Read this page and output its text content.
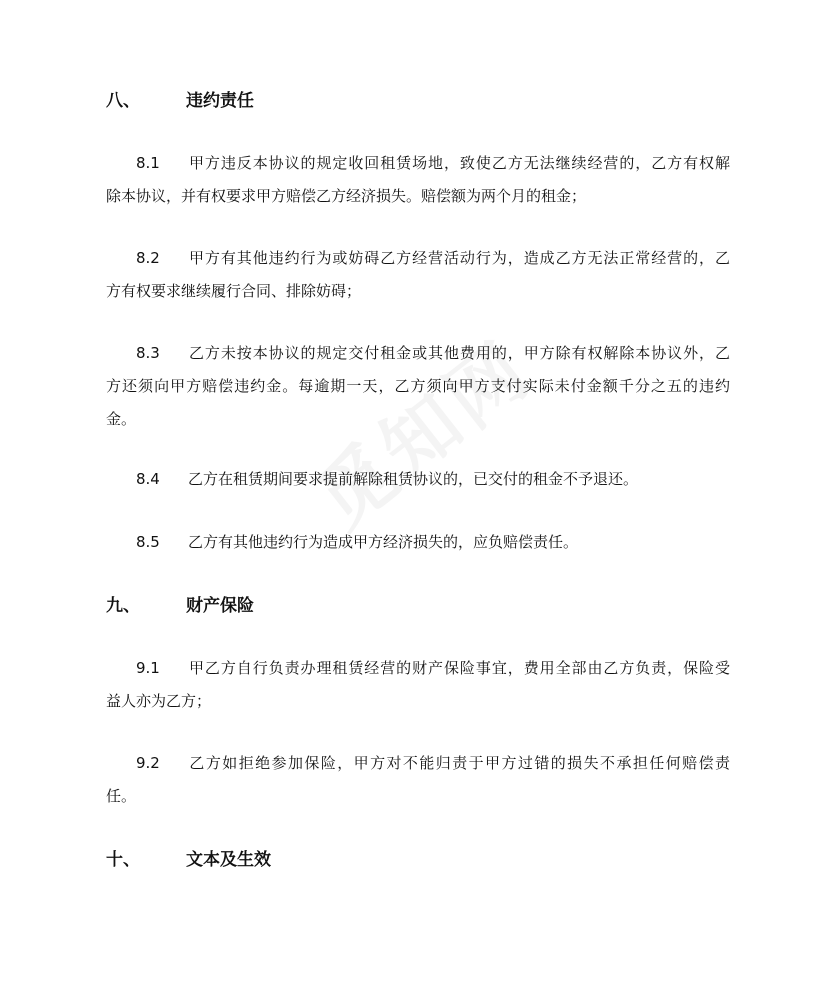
八、	违约责任
8.1 甲方违反本协议的规定收回租赁场地，致使乙方无法继续经营的，乙方有权解
除本协议，并有权要求甲方赔偿乙方经济损失。赔偿额为两个月的租金；
8.2 甲方有其他违约行为或妨碍乙方经营活动行为，造成乙方无法正常经营的，乙
方有权要求继续履行合同、排除妨碍；
8.3 乙方未按本协议的规定交付租金或其他费用的，甲方除有权解除本协议外，乙
方还须向甲方赔偿违约金。每逾期一天，乙方须向甲方支付实际未付金额千分之五的违约
金。
8.4 乙方在租赁期间要求提前解除租赁协议的，已交付的租金不予退还。
8.5 乙方有其他违约行为造成甲方经济损失的，应负赔偿责任。
九、	财产保险
9.1 甲乙方自行负责办理租赁经营的财产保险事宜，费用全部由乙方负责，保险受
益人亦为乙方；
9.2 乙方如拒绝参加保险，甲方对不能归责于甲方过错的损失不承担任何赔偿责
任。
十、	文本及生效
